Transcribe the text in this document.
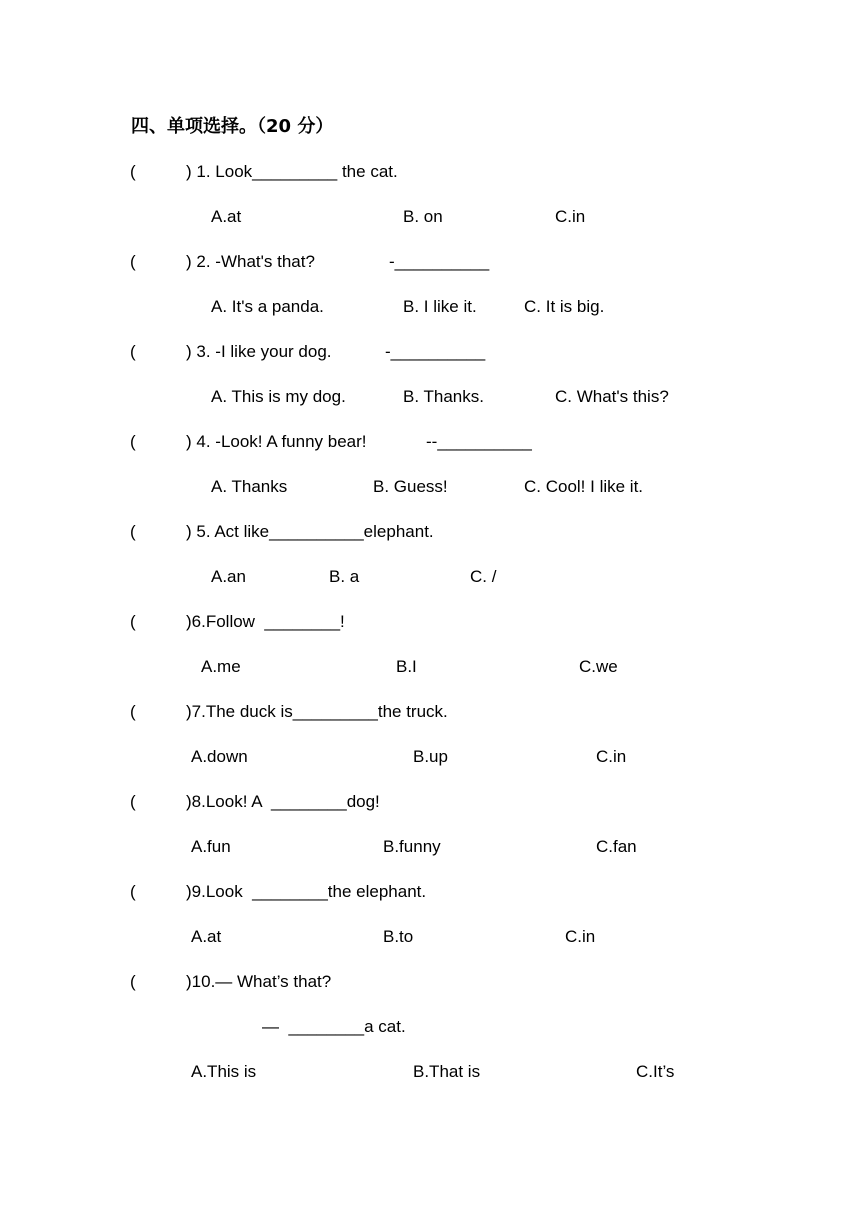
四、单项选择。（20 分）
(	) 1. Look_________ the cat.
A.at	B. on	C.in
(	) 2. -What's that?	-__________
A. It's a panda.	B. I like it.	C. It is big.
(	) 3. -I like your dog.	-__________
A. This is my dog.	B. Thanks.	C. What's this?
(	) 4. -Look! A funny bear!	--__________
A. Thanks	B. Guess!	C. Cool! I like it.
(	) 5. Act like__________elephant.
A.an	B. a	C. /
(	)6.Follow  ________!
A.me	B.I	C.we
(	)7.The duck is_________the truck.
A.down	B.up	C.in
(	)8.Look! A  ________dog!
A.fun	B.funny	C.fan
(	)9.Look  ________the elephant.
A.at	B.to	C.in
(	)10.— What’s that?
—  ________a cat.
A.This is	B.That is	C.It’s
